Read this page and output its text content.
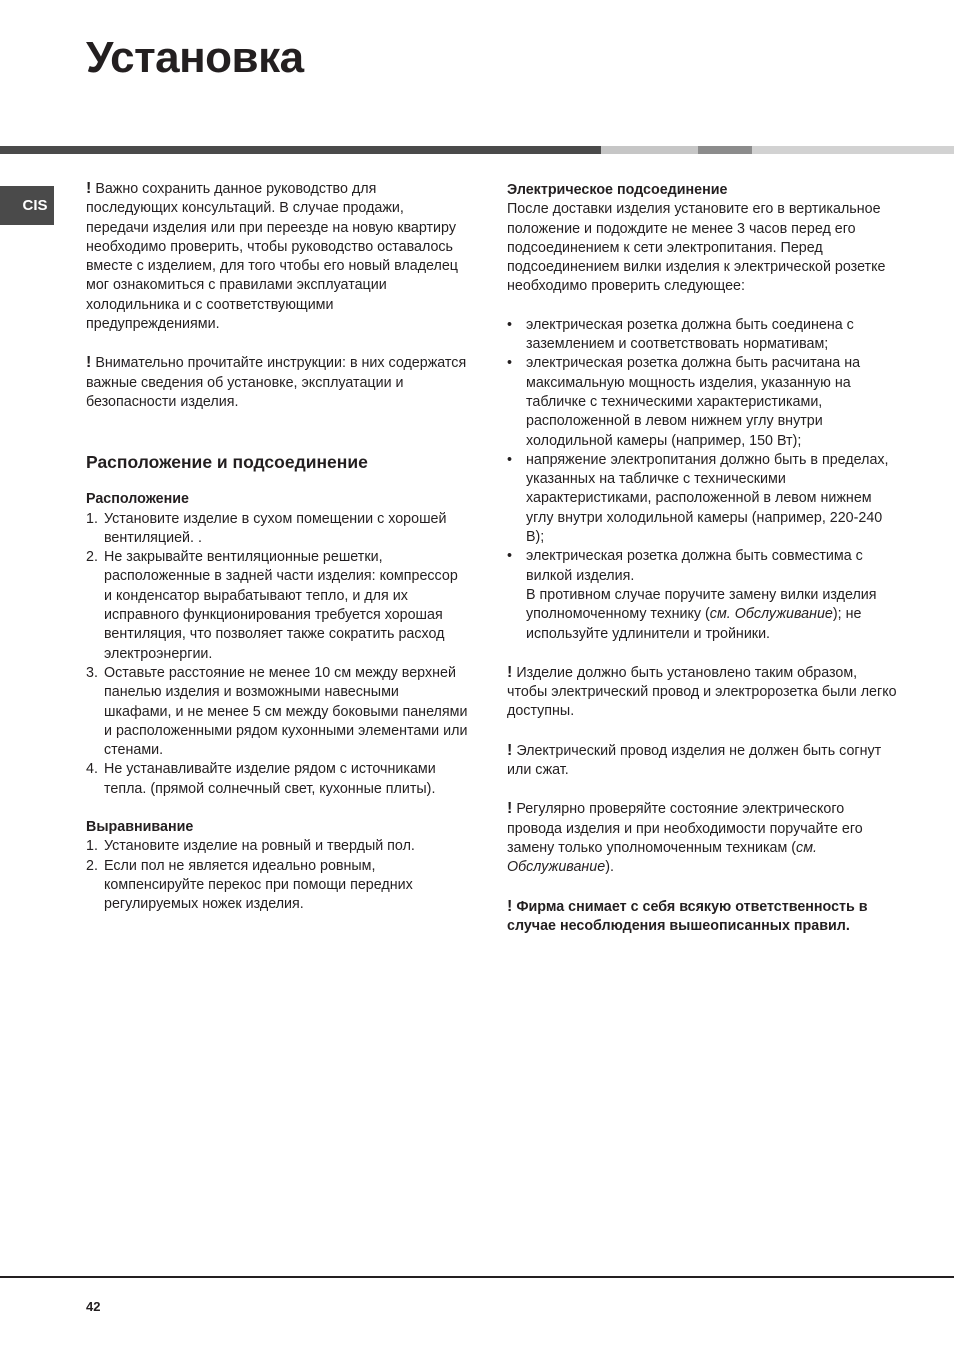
Установка
CIS

! Важно сохранить данное руководство для последующих консультаций. В случае продажи, передачи изделия или при переезде на новую квартиру необходимо проверить, чтобы руководство оставалось вместе с изделием, для того чтобы его новый владелец мог ознакомиться с правилами эксплуатации холодильника и с соответствующими предупреждениями.

! Внимательно прочитайте инструкции: в них содержатся важные сведения об установке, эксплуатации и безопасности изделия.

Расположение и подсоединение

Расположение

1. Установите изделие в сухом помещении с хорошей вентиляцией. .
2. Не закрывайте вентиляционные решетки, расположенные в задней части изделия: компрессор и конденсатор вырабатывают тепло, и для их исправного функционирования требуется хорошая вентиляция, что позволяет также сократить расход электроэнергии.
3. Оставьте расстояние не менее 10 см между верхней панелью изделия и возможными навесными шкафами, и не менее 5 см между боковыми панелями и расположенными рядом кухонными элементами или стенами.
4. Не устанавливайте изделие рядом с источниками тепла. (прямой солнечный свет, кухонные плиты).

Выравнивание

1. Установите изделие на ровный и твердый пол.
2. Если пол не является идеально ровным, компенсируйте перекос при помощи передних регулируемых ножек изделия.

Электрическое подсоединение

После доставки изделия установите его в вертикальное положение и подождите не менее 3 часов перед его подсоединением к сети электропитания. Перед подсоединением вилки изделия к электрической розетке необходимо проверить следующее:

• электрическая розетка должна быть соединена с заземлением и соответствовать нормативам;
• электрическая розетка должна быть расчитана на максимальную мощность изделия, указанную на табличке с техническими характеристиками, расположенной в левом нижнем углу внутри холодильной камеры (например, 150 Вт);
• напряжение электропитания должно быть в пределах, указанных на табличке с техническими характеристиками, расположенной в левом нижнем углу внутри холодильной камеры (например, 220-240 В);
• электрическая розетка должна быть совместима с вилкой изделия.
В противном случае поручите замену вилки изделия уполномоченному технику (см. Обслуживание); не используйте удлинители и тройники.

! Изделие должно быть установлено таким образом, чтобы электрический провод и электророзетка были легко доступны.

! Электрический провод изделия не должен быть согнут или сжат.

! Регулярно проверяйте состояние электрического провода изделия и при необходимости поручайте его замену только уполномоченным техникам (см. Обслуживание).

! Фирма снимает с себя всякую ответственность в случае несоблюдения вышеописанных правил.

42
